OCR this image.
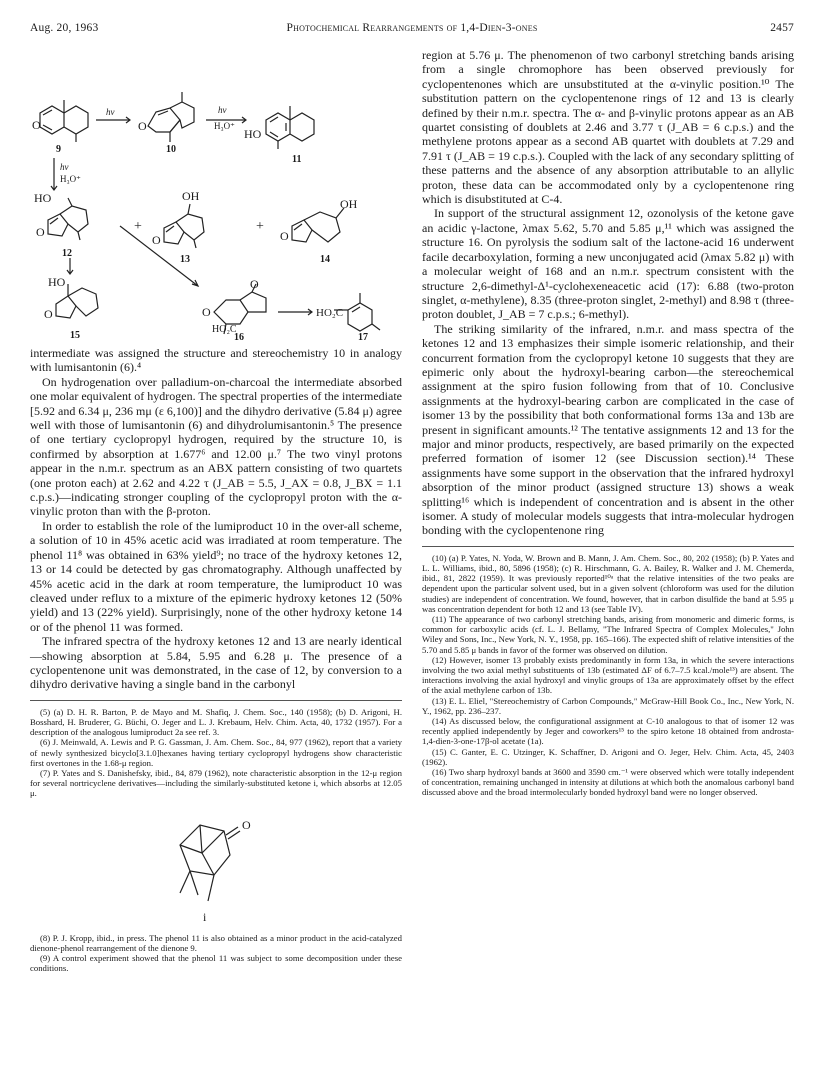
Aug. 20, 1963	Photochemical Rearrangements of 1,4-Dien-3-ones	2457
O
9
hν
O
10
hν
H₃O⁺
HO
11
hν
H₃O⁺
HO
O
12
+
OH
O
13
+
OH
O
14
HO
O
15
O
O
HO₂C
16
HO₂C
17

intermediate was assigned the structure and stereochemistry 10 in analogy with lumisantonin (6).⁴

On hydrogenation over palladium-on-charcoal the intermediate absorbed one molar equivalent of hydrogen. The spectral properties of the intermediate [5.92 and 6.34 μ, 236 mμ (ε 6,100)] and the dihydro derivative (5.84 μ) agree well with those of lumisantonin (6) and dihydrolumisantonin.⁵ The presence of one tertiary cyclopropyl hydrogen, required by the structure 10, is confirmed by absorption at 1.677⁶ and 12.00 μ.⁷ The two vinyl protons appear in the n.m.r. spectrum as an ABX pattern consisting of two quartets (one proton each) at 2.62 and 4.22 τ (J_AB = 5.5, J_AX = 0.8, J_BX = 1.1 c.p.s.)—indicating stronger coupling of the cyclopropyl proton with the α-vinylic proton than with the β-proton.

In order to establish the role of the lumiproduct 10 in the over-all scheme, a solution of 10 in 45% acetic acid was irradiated at room temperature. The phenol 11⁸ was obtained in 63% yield⁹; no trace of the hydroxy ketones 12, 13 or 14 could be detected by gas chromatography. Although unaffected by 45% acetic acid in the dark at room temperature, the lumiproduct 10 was cleaved under reflux to a mixture of the epimeric hydroxy ketones 12 (50% yield) and 13 (22% yield). Surprisingly, none of the other hydroxy ketone 14 or of the phenol 11 was formed.

The infrared spectra of the hydroxy ketones 12 and 13 are nearly identical—showing absorption at 5.84, 5.95 and 6.28 μ. The presence of a cyclopentenone unit was demonstrated, in the case of 12, by conversion to a dihydro derivative having a single band in the carbonyl

(5) (a) D. H. R. Barton, P. de Mayo and M. Shafiq, J. Chem. Soc., 140 (1958); (b) D. Arigoni, H. Bosshard, H. Bruderer, G. Büchi, O. Jeger and L. J. Krebaum, Helv. Chim. Acta, 40, 1732 (1957). For a description of the analogous lumiproduct 2a see ref. 3.

(6) J. Meinwald, A. Lewis and P. G. Gassman, J. Am. Chem. Soc., 84, 977 (1962), report that a variety of newly synthesized bicyclo[3.1.0]hexanes having tertiary cyclopropyl hydrogens show characteristic first overtones in the 1.68-μ region.

(7) P. Yates and S. Danishefsky, ibid., 84, 879 (1962), note characteristic absorption in the 12-μ region for several nortricyclene derivatives—including the similarly-substituted ketone i, which absorbs at 12.05 μ.

O
i

(8) P. J. Kropp, ibid., in press. The phenol 11 is also obtained as a minor product in the acid-catalyzed dienone-phenol rearrangement of the dienone 9.

(9) A control experiment showed that the phenol 11 was subject to some decomposition under these conditions.

region at 5.76 μ. The phenomenon of two carbonyl stretching bands arising from a single chromophore has been observed previously for cyclopentenones which are unsubstituted at the α-vinylic position.¹⁰ The substitution pattern on the cyclopentenone rings of 12 and 13 is clearly defined by their n.m.r. spectra. The α- and β-vinylic protons appear as an AB quartet consisting of doublets at 2.46 and 3.77 τ (J_AB = 6 c.p.s.) and the methylene protons appear as a second AB quartet with doublets at 7.29 and 7.91 τ (J_AB = 19 c.p.s.). Coupled with the lack of any secondary splitting of these patterns and the absence of any absorption attributable to an allylic proton, these data can be accommodated only by a cyclopentenone ring which is disubstituted at C-4.

In support of the structural assignment 12, ozonolysis of the ketone gave an acidic γ-lactone, λmax 5.62, 5.70 and 5.85 μ,¹¹ which was assigned the structure 16. On pyrolysis the sodium salt of the lactone-acid 16 underwent facile decarboxylation, forming a new unconjugated acid (λmax 5.82 μ) with a molecular weight of 168 and an n.m.r. spectrum consistent with the structure 2,6-dimethyl-Δ¹-cyclohexeneacetic acid (17): 6.88 (two-proton singlet, α-methylene), 8.35 (three-proton singlet, 2-methyl) and 8.98 τ (three-proton doublet, J_AB = 7 c.p.s.; 6-methyl).

The striking similarity of the infrared, n.m.r. and mass spectra of the ketones 12 and 13 emphasizes their simple isomeric relationship, and their concurrent formation from the cyclopropyl ketone 10 suggests that they are epimeric only about the hydroxyl-bearing carbon—the stereochemical assignment at the spiro fusion following from that of 10. Conclusive assignments at the hydroxyl-bearing carbon are complicated in the case of isomer 13 by the possibility that both conformational forms 13a and 13b are present in significant amounts.¹² The tentative assignments 12 and 13 for the major and minor products, respectively, are based primarily on the expected preferred formation of isomer 12 (see Discussion section).¹⁴ These assignments have some support in the observation that the infrared hydroxyl absorption of the minor product (assigned structure 13) shows a weak splitting¹⁶ which is independent of concentration and is absent in the other isomer. A study of molecular models suggests that intra-molecular hydrogen bonding with the cyclopentenone ring

(10) (a) P. Yates, N. Yoda, W. Brown and B. Mann, J. Am. Chem. Soc., 80, 202 (1958); (b) P. Yates and L. L. Williams, ibid., 80, 5896 (1958); (c) R. Hirschmann, G. A. Bailey, R. Walker and J. M. Chemerda, ibid., 81, 2822 (1959). It was previously reported¹⁰ᵃ that the relative intensities of the two peaks are dependent upon the particular solvent used, but in a given solvent (chloroform was used for the dilution studies) are independent of concentration. We found, however, that in carbon disulfide the band at 5.95 μ was concentration dependent for both 12 and 13 (see Table IV).

(11) The appearance of two carbonyl stretching bands, arising from monomeric and dimeric forms, is common for carboxylic acids (cf. L. J. Bellamy, "The Infrared Spectra of Complex Molecules," John Wiley and Sons, Inc., New York, N. Y., 1958, pp. 165–166). The expected shift of relative intensities of the 5.70 and 5.85 μ bands in favor of the former was observed on dilution.

(12) However, isomer 13 probably exists predominantly in form 13a, in which the severe interactions involving the two axial methyl substituents of 13b (estimated ΔF of 6.7–7.5 kcal./mole¹³) are absent. The interactions involving the axial hydroxyl and vinylic groups of 13a are approximately offset by the effect of the axial methylene carbon of 13b.

(13) E. L. Eliel, "Stereochemistry of Carbon Compounds," McGraw-Hill Book Co., Inc., New York, N. Y., 1962, pp. 236–237.

(14) As discussed below, the configurational assignment at C-10 analogous to that of isomer 12 was recently applied independently by Jeger and coworkers¹⁵ to the spiro ketone 18 obtained from androsta-1,4-dien-3-one-17β-ol acetate (1a).

(15) C. Ganter, E. C. Utzinger, K. Schaffner, D. Arigoni and O. Jeger, Helv. Chim. Acta, 45, 2403 (1962).

(16) Two sharp hydroxyl bands at 3600 and 3590 cm.⁻¹ were observed which were totally independent of concentration, remaining unchanged in intensity at dilutions at which both the anomalous carbonyl band discussed above and the broad intermolecularly bonded hydroxyl band were no longer observed.
